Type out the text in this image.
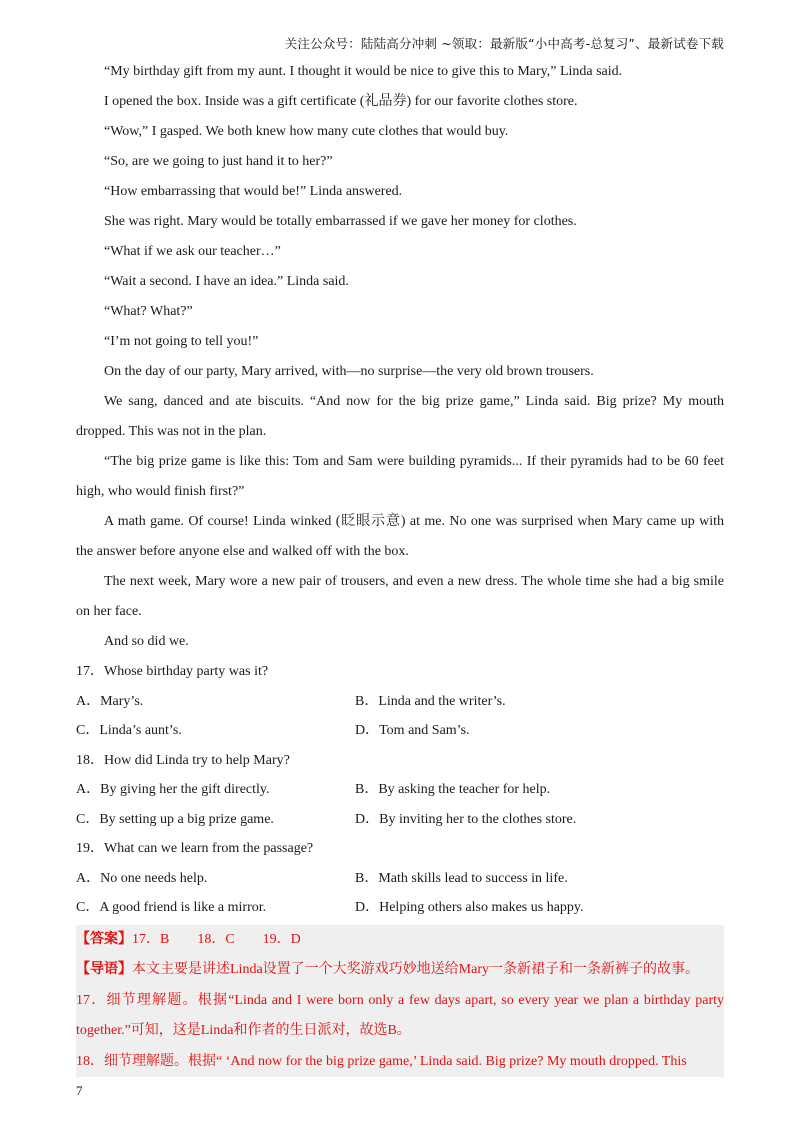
关注公众号：陆陆高分冲刺 ~领取：最新版“小中高考-总复习”、最新试卷下载

“My birthday gift from my aunt. I thought it would be nice to give this to Mary,” Linda said.

I opened the box. Inside was a gift certificate (礼品券) for our favorite clothes store.

“Wow,” I gasped. We both knew how many cute clothes that would buy.

“So, are we going to just hand it to her?”

“How embarrassing that would be!” Linda answered.

She was right. Mary would be totally embarrassed if we gave her money for clothes.

“What if we ask our teacher…”

“Wait a second. I have an idea.” Linda said.

“What? What?”

“I’m not going to tell you!”

On the day of our party, Mary arrived, with—no surprise—the very old brown trousers.

We sang, danced and ate biscuits. “And now for the big prize game,” Linda said. Big prize? My mouth dropped. This was not in the plan.

“The big prize game is like this: Tom and Sam were building pyramids... If their pyramids had to be 60 feet high, who would finish first?”

A math game. Of course! Linda winked (眨眼示意) at me. No one was surprised when Mary came up with the answer before anyone else and walked off with the box.

The next week, Mary wore a new pair of trousers, and even a new dress. The whole time she had a big smile on her face.

And so did we.

17．Whose birthday party was it?

A．Mary’s.	B．Linda and the writer’s.
C．Linda’s aunt’s.	D．Tom and Sam’s.

18．How did Linda try to help Mary?

A．By giving her the gift directly.	B．By asking the teacher for help.
C．By setting up a big prize game.	D．By inviting her to the clothes store.

19．What can we learn from the passage?

A．No one needs help.	B．Math skills lead to success in life.
C．A good friend is like a mirror.	D．Helping others also makes us happy.

【答案】17．B　　18．C　　19．D

【导语】本文主要是讲述Linda设置了一个大奖游戏巧妙地送给Mary一条新裙子和一条新裤子的故事。

17．细节理解题。根据“Linda and I were born only a few days apart, so every year we plan a birthday party together.”可知，这是Linda和作者的生日派对，故选B。

18．细节理解题。根据“ ‘And now for the big prize game,’ Linda said. Big prize? My mouth dropped. This

7
